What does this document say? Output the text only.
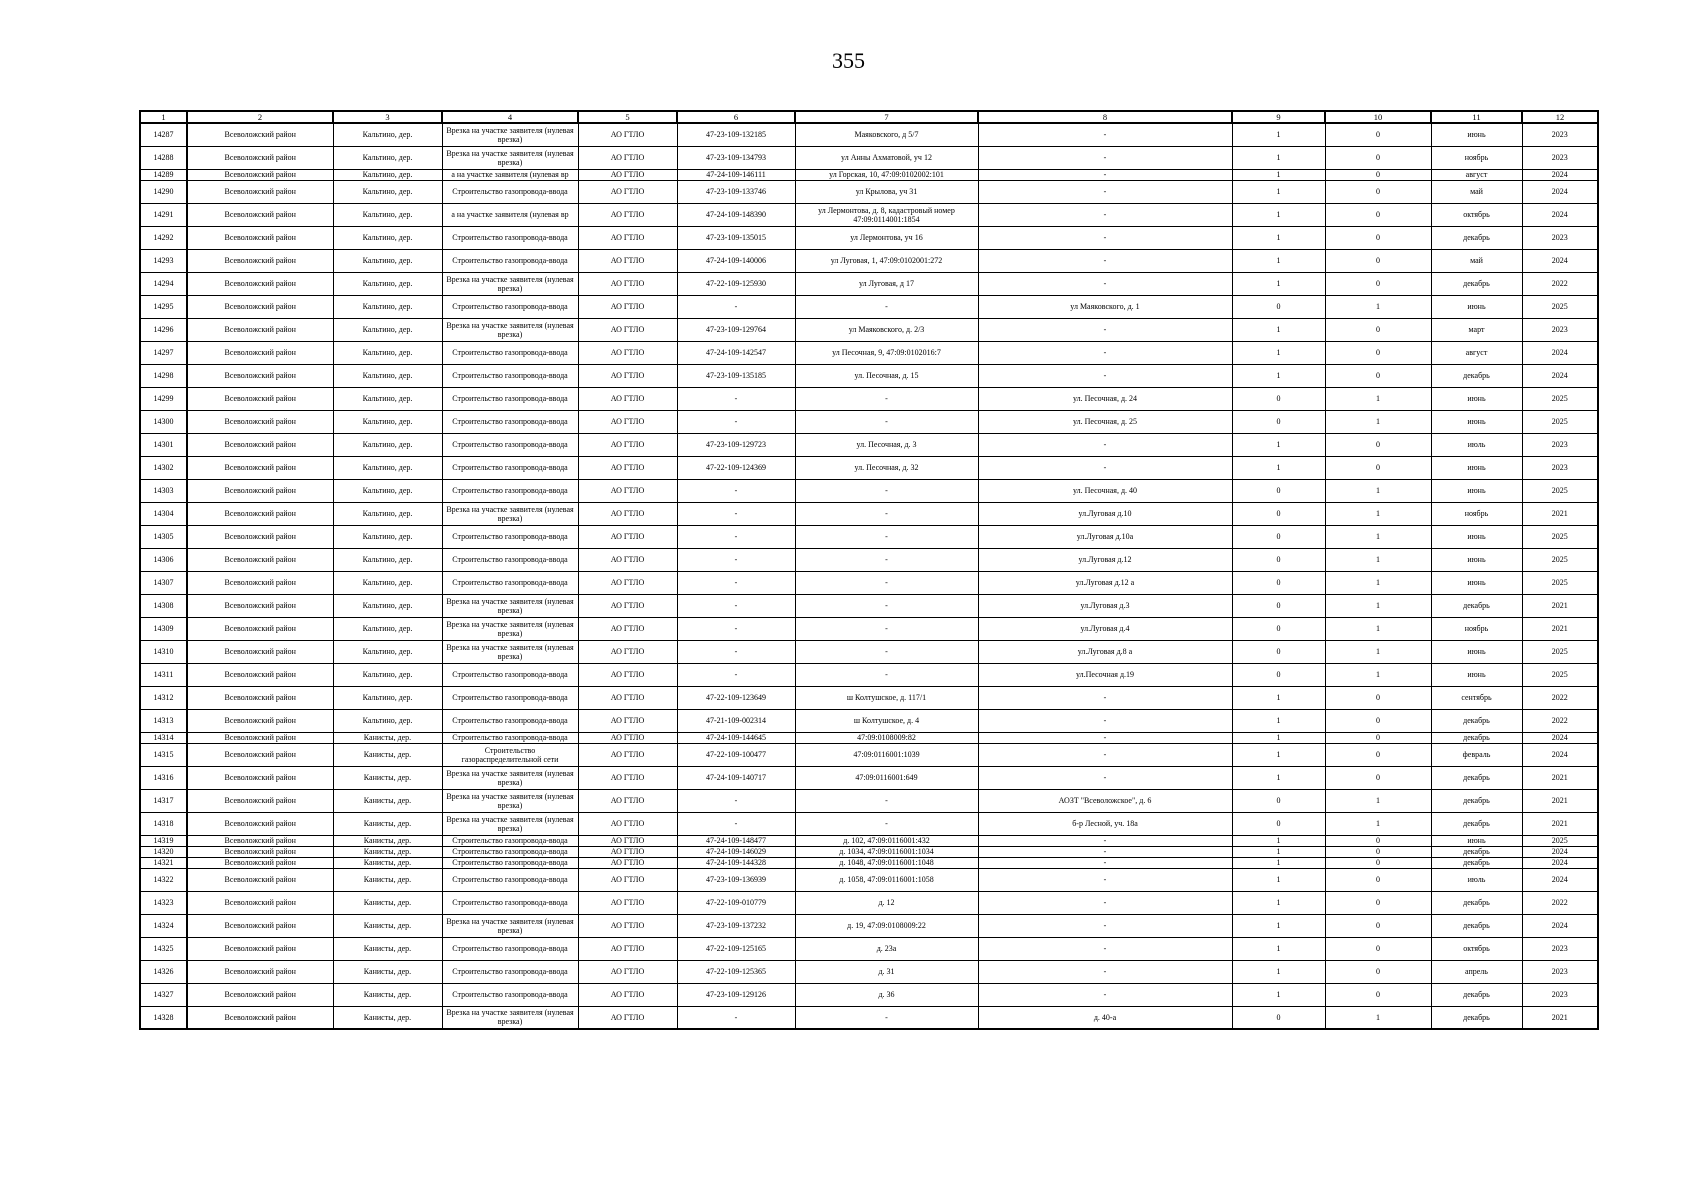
355
1	2	3	4	5	6	7	8	9	10	11	12
14287	Всеволожский район	Кальтино, дер.	Врезка на участке заявителя (нулевая врезка)	АО ГТЛО	47-23-109-132185	Маяковского, д 5/7	-	1	0	июнь	2023
14288	Всеволожский район	Кальтино, дер.	Врезка на участке заявителя (нулевая врезка)	АО ГТЛО	47-23-109-134793	ул Анны Ахматовой, уч 12	-	1	0	ноябрь	2023
14289	Всеволожский район	Кальтино, дер.	а на участке заявителя (нулевая вр	АО ГТЛО	47-24-109-146111	ул Горская, 10, 47:09:0102002:101	-	1	0	август	2024
14290	Всеволожский район	Кальтино, дер.	Строительство газопровода-ввода	АО ГТЛО	47-23-109-133746	ул Крылова, уч 31	-	1	0	май	2024
14291	Всеволожский район	Кальтино, дер.	а на участке заявителя (нулевая вр	АО ГТЛО	47-24-109-148390	ул Лермонтова, д. 8, кадастровый номер 47:09:0114001:1854	-	1	0	октябрь	2024
14292	Всеволожский район	Кальтино, дер.	Строительство газопровода-ввода	АО ГТЛО	47-23-109-135015	ул Лермонтова, уч 16	-	1	0	декабрь	2023
14293	Всеволожский район	Кальтино, дер.	Строительство газопровода-ввода	АО ГТЛО	47-24-109-140006	ул Луговая, 1, 47:09:0102001:272	-	1	0	май	2024
14294	Всеволожский район	Кальтино, дер.	Врезка на участке заявителя (нулевая врезка)	АО ГТЛО	47-22-109-125930	ул Луговая, д 17	-	1	0	декабрь	2022
14295	Всеволожский район	Кальтино, дер.	Строительство газопровода-ввода	АО ГТЛО	-	-	ул Маяковского, д. 1	0	1	июнь	2025
14296	Всеволожский район	Кальтино, дер.	Врезка на участке заявителя (нулевая врезка)	АО ГТЛО	47-23-109-129764	ул Маяковского, д. 2/3	-	1	0	март	2023
14297	Всеволожский район	Кальтино, дер.	Строительство газопровода-ввода	АО ГТЛО	47-24-109-142547	ул Песочная, 9, 47:09:0102016:7	-	1	0	август	2024
14298	Всеволожский район	Кальтино, дер.	Строительство газопровода-ввода	АО ГТЛО	47-23-109-135185	ул. Песочная, д. 15	-	1	0	декабрь	2024
14299	Всеволожский район	Кальтино, дер.	Строительство газопровода-ввода	АО ГТЛО	-	-	ул. Песочная, д. 24	0	1	июнь	2025
14300	Всеволожский район	Кальтино, дер.	Строительство газопровода-ввода	АО ГТЛО	-	-	ул. Песочная, д. 25	0	1	июнь	2025
14301	Всеволожский район	Кальтино, дер.	Строительство газопровода-ввода	АО ГТЛО	47-23-109-129723	ул. Песочная, д. 3	-	1	0	июль	2023
14302	Всеволожский район	Кальтино, дер.	Строительство газопровода-ввода	АО ГТЛО	47-22-109-124369	ул. Песочная, д. 32	-	1	0	июнь	2023
14303	Всеволожский район	Кальтино, дер.	Строительство газопровода-ввода	АО ГТЛО	-	-	ул. Песочная, д. 40	0	1	июнь	2025
14304	Всеволожский район	Кальтино, дер.	Врезка на участке заявителя (нулевая врезка)	АО ГТЛО	-	-	ул.Луговая д.10	0	1	ноябрь	2021
14305	Всеволожский район	Кальтино, дер.	Строительство газопровода-ввода	АО ГТЛО	-	-	ул.Луговая д.10а	0	1	июнь	2025
14306	Всеволожский район	Кальтино, дер.	Строительство газопровода-ввода	АО ГТЛО	-	-	ул.Луговая д.12	0	1	июнь	2025
14307	Всеволожский район	Кальтино, дер.	Строительство газопровода-ввода	АО ГТЛО	-	-	ул.Луговая д.12 а	0	1	июнь	2025
14308	Всеволожский район	Кальтино, дер.	Врезка на участке заявителя (нулевая врезка)	АО ГТЛО	-	-	ул.Луговая д.3	0	1	декабрь	2021
14309	Всеволожский район	Кальтино, дер.	Врезка на участке заявителя (нулевая врезка)	АО ГТЛО	-	-	ул.Луговая д.4	0	1	ноябрь	2021
14310	Всеволожский район	Кальтино, дер.	Врезка на участке заявителя (нулевая врезка)	АО ГТЛО	-	-	ул.Луговая д.8 а	0	1	июнь	2025
14311	Всеволожский район	Кальтино, дер.	Строительство газопровода-ввода	АО ГТЛО	-	-	ул.Песочная д.19	0	1	июнь	2025
14312	Всеволожский район	Кальтино, дер.	Строительство газопровода-ввода	АО ГТЛО	47-22-109-123649	ш Колтушское, д. 117/1	-	1	0	сентябрь	2022
14313	Всеволожский район	Кальтино, дер.	Строительство газопровода-ввода	АО ГТЛО	47-21-109-002314	ш Колтушское, д. 4	-	1	0	декабрь	2022
14314	Всеволожский район	Канисты, дер.	Строительство газопровода-ввода	АО ГТЛО	47-24-109-144645	47:09:0108009:82	-	1	0	декабрь	2024
14315	Всеволожский район	Канисты, дер.	Строительство газораспределительной сети	АО ГТЛО	47-22-109-100477	47:09:0116001:1039	-	1	0	февраль	2024
14316	Всеволожский район	Канисты, дер.	Врезка на участке заявителя (нулевая врезка)	АО ГТЛО	47-24-109-140717	47:09:0116001:649	-	1	0	декабрь	2021
14317	Всеволожский район	Канисты, дер.	Врезка на участке заявителя (нулевая врезка)	АО ГТЛО	-	-	АОЗТ "Всеволожское", д. 6	0	1	декабрь	2021
14318	Всеволожский район	Канисты, дер.	Врезка на участке заявителя (нулевая врезка)	АО ГТЛО	-	-	б-р Лесной, уч. 18а	0	1	декабрь	2021
14319	Всеволожский район	Канисты, дер.	Строительство газопровода-ввода	АО ГТЛО	47-24-109-148477	д. 102, 47:09:0116001:432	-	1	0	июнь	2025
14320	Всеволожский район	Канисты, дер.	Строительство газопровода-ввода	АО ГТЛО	47-24-109-146029	д. 1034, 47:09:0116001:1034	-	1	0	декабрь	2024
14321	Всеволожский район	Канисты, дер.	Строительство газопровода-ввода	АО ГТЛО	47-24-109-144328	д. 1048, 47:09:0116001:1048	-	1	0	декабрь	2024
14322	Всеволожский район	Канисты, дер.	Строительство газопровода-ввода	АО ГТЛО	47-23-109-136939	д. 1058, 47:09:0116001:1058	-	1	0	июль	2024
14323	Всеволожский район	Канисты, дер.	Строительство газопровода-ввода	АО ГТЛО	47-22-109-010779	д. 12	-	1	0	декабрь	2022
14324	Всеволожский район	Канисты, дер.	Врезка на участке заявителя (нулевая врезка)	АО ГТЛО	47-23-109-137232	д. 19, 47:09:0108009:22	-	1	0	декабрь	2024
14325	Всеволожский район	Канисты, дер.	Строительство газопровода-ввода	АО ГТЛО	47-22-109-125165	д. 23а	-	1	0	октябрь	2023
14326	Всеволожский район	Канисты, дер.	Строительство газопровода-ввода	АО ГТЛО	47-22-109-125365	д. 31	-	1	0	апрель	2023
14327	Всеволожский район	Канисты, дер.	Строительство газопровода-ввода	АО ГТЛО	47-23-109-129126	д. 36	-	1	0	декабрь	2023
14328	Всеволожский район	Канисты, дер.	Врезка на участке заявителя (нулевая врезка)	АО ГТЛО	-	-	д. 40-а	0	1	декабрь	2021
